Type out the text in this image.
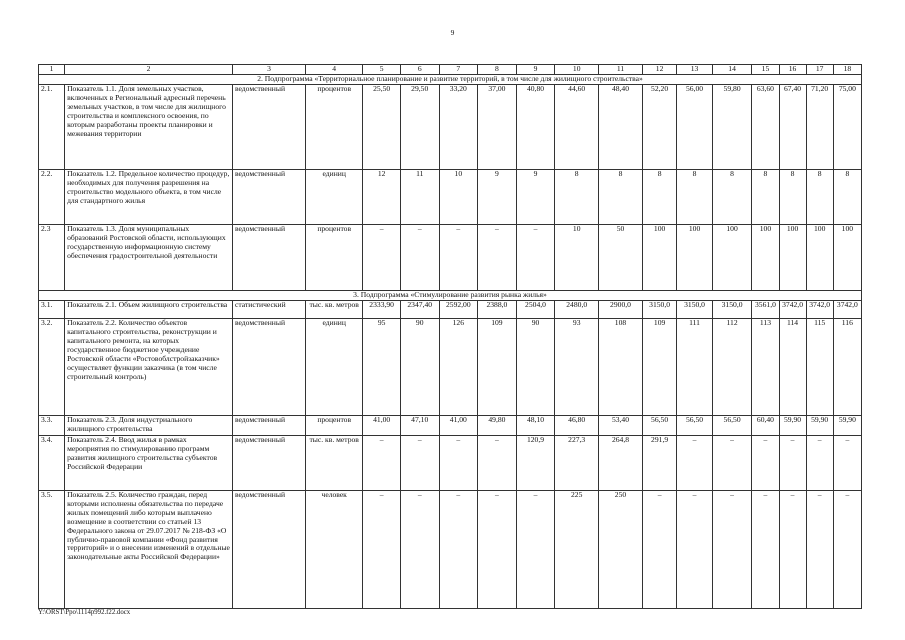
9
1	2	3	4	5	6	7	8	9	10	11	12	13	14	15	16	17	18
2. Подпрограмма «Территориальное планирование и развитие территорий, в том числе для жилищного строительства»																	
2.1.	Показатель 1.1. Доля земельных участков, включенных в Региональный адресный перечень земельных участков, в том числе для жилищного строительства и комплексного освоения, по которым разработаны проекты планировки и межевания территории	ведомственный	процентов	25,50	29,50	33,20	37,00	40,80	44,60	48,40	52,20	56,00	59,80	63,60	67,40	71,20	75,00
2.2.	Показатель 1.2. Предельное количество процедур, необходимых для получения разрешения на строительство модельного объекта, в том числе для стандартного жилья	ведомственный	единиц	12	11	10	9	9	8	8	8	8	8	8	8	8	8
2.3	Показатель 1.3. Доля муниципальных образований Ростовской области, использующих государственную информационную систему обеспечения градостроительной деятельности	ведомственный	процентов	–	–	–	–	–	10	50	100	100	100	100	100	100	100
3. Подпрограмма «Стимулирование развития рынка жилья»																	
3.1.	Показатель 2.1. Объем жилищного строительства	статистический	тыс. кв. метров	2333,90	2347,40	2592,00	2388,0	2504,0	2480,0	2900,0	3150,0	3150,0	3150,0	3561,0	3742,0	3742,0	3742,0
3.2.	Показатель 2.2. Количество объектов капитального строительства, реконструкции и капитального ремонта, на которых государственное бюджетное учреждение Ростовской области «Ростовоблстройзаказчик» осуществляет функции заказчика (в том числе строительный контроль)	ведомственный	единиц	95	90	126	109	90	93	108	109	111	112	113	114	115	116
3.3.	Показатель 2.3. Доля индустриального жилищного строительства	ведомственный	процентов	41,00	47,10	41,00	49,80	48,10	46,80	53,40	56,50	56,50	56,50	60,40	59,90	59,90	59,90
3.4.	Показатель 2.4. Ввод жилья в рамках мероприятия по стимулированию программ развития жилищного строительства субъектов Российской Федерации	ведомственный	тыс. кв. метров	–	–	–	–	120,9	227,3	264,8	291,9	–	–	–	–	–	–
3.5.	Показатель 2.5. Количество граждан, перед которыми исполнены обязательства по передаче жилых помещений либо которым выплачено возмещение в соответствии со статьей 13 Федерального закона от 29.07.2017 № 218-ФЗ «О публично-правовой компании «Фонд развития территорий» и о внесении изменений в отдельные законодательные акты Российской Федерации»	ведомственный	человек	–	–	–	–	–	225	250	–	–	–	–	–	–	–
Y:\ORST\Ppo\1114p992.f22.docx
